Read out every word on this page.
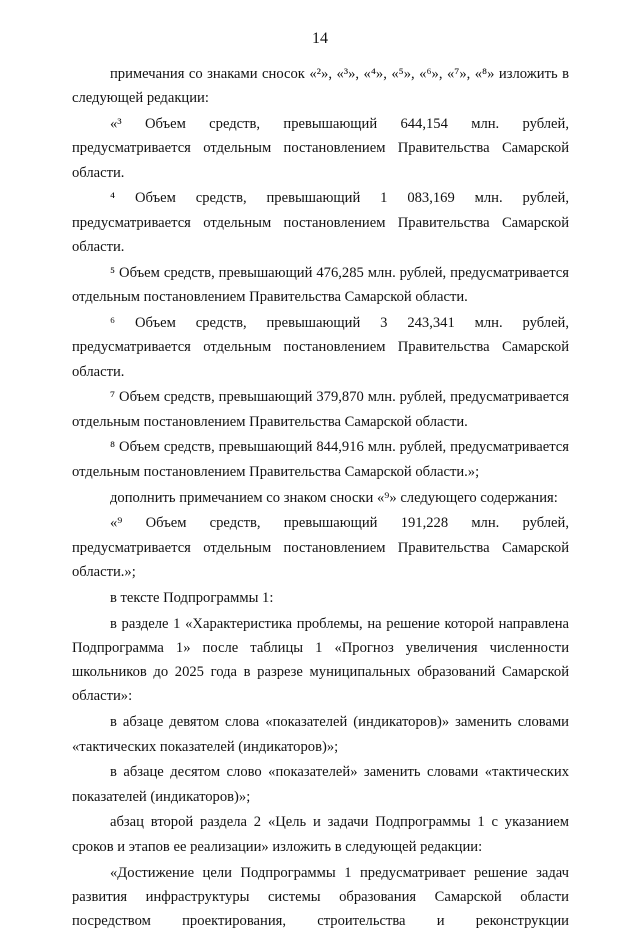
14

примечания со знаками сносок «²», «³», «⁴», «⁵», «⁶», «⁷», «⁸» изложить в следующей редакции:

«³ Объем средств, превышающий 644,154 млн. рублей, предусматривается отдельным постановлением Правительства Самарской области.

⁴ Объем средств, превышающий 1 083,169 млн. рублей, предусматривается отдельным постановлением Правительства Самарской области.

⁵ Объем средств, превышающий 476,285 млн. рублей, предусматривается отдельным постановлением Правительства Самарской области.

⁶ Объем средств, превышающий 3 243,341 млн. рублей, предусматривается отдельным постановлением Правительства Самарской области.

⁷ Объем средств, превышающий 379,870 млн. рублей, предусматривается отдельным постановлением Правительства Самарской области.

⁸ Объем средств, превышающий 844,916 млн. рублей, предусматривается отдельным постановлением Правительства Самарской области.»;

дополнить примечанием со знаком сноски «⁹» следующего содержания:

«⁹ Объем средств, превышающий 191,228 млн. рублей, предусматривается отдельным постановлением Правительства Самарской области.»;

в тексте Подпрограммы 1:

в разделе 1 «Характеристика проблемы, на решение которой направлена Подпрограмма 1» после таблицы 1 «Прогноз увеличения численности школьников до 2025 года в разрезе муниципальных образований Самарской области»:

в абзаце девятом слова «показателей (индикаторов)» заменить словами «тактических показателей (индикаторов)»;

в абзаце десятом слово «показателей» заменить словами «тактических показателей (индикаторов)»;

абзац второй раздела 2 «Цель и задачи Подпрограммы 1 с указанием сроков и этапов ее реализации» изложить в следующей редакции:

«Достижение цели Подпрограммы 1 предусматривает решение задач развития инфраструктуры системы образования Самарской области посредством проектирования, строительства и реконструкции
